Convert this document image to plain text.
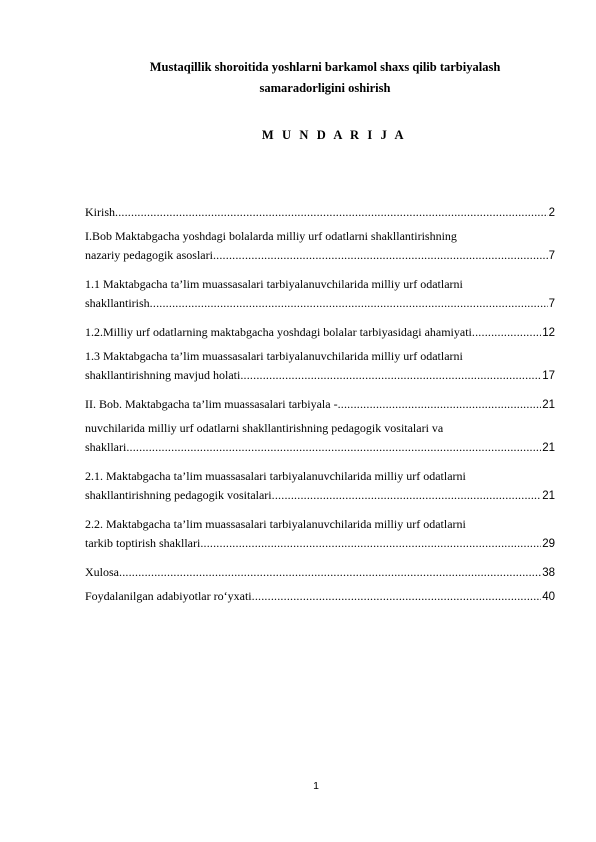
Mustaqillik shoroitida yoshlarni barkamol shaxs qilib tarbiyalash
samaradorligini oshirish
M U N D A R I J A
Kirish .....	2
I.Bob Maktabgacha yoshdagi bolalarda milliy urf odatlarni shakllantirishning
nazariy pedagogik asoslari .....	7
1.1 Maktabgacha ta’lim muassasalari tarbiyalanuvchilarida milliy urf odatlarni
shakllantirish .....	7
1.2.Milliy urf odatlarning maktabgacha yoshdagi bolalar tarbiyasidagi ahamiyati .....	12
1.3 Maktabgacha ta’lim muassasalari tarbiyalanuvchilarida milliy urf odatlarni
shakllantirishning mavjud holati .....	17
II. Bob. Maktabgacha ta’lim muassasalari tarbiyala - .....	21
nuvchilarida milliy urf odatlarni shakllantirishning pedagogik vositalari va
shakllari .....	21
2.1. Maktabgacha ta’lim muassasalari tarbiyalanuvchilarida milliy urf odatlarni
shakllantirishning pedagogik vositalari .....	21
2.2. Maktabgacha ta’lim muassasalari tarbiyalanuvchilarida milliy urf odatlarni
tarkib toptirish shakllari .....	29
Xulosa .....	38
Foydalanilgan adabiyotlar ro‘yxati .....	40
1
